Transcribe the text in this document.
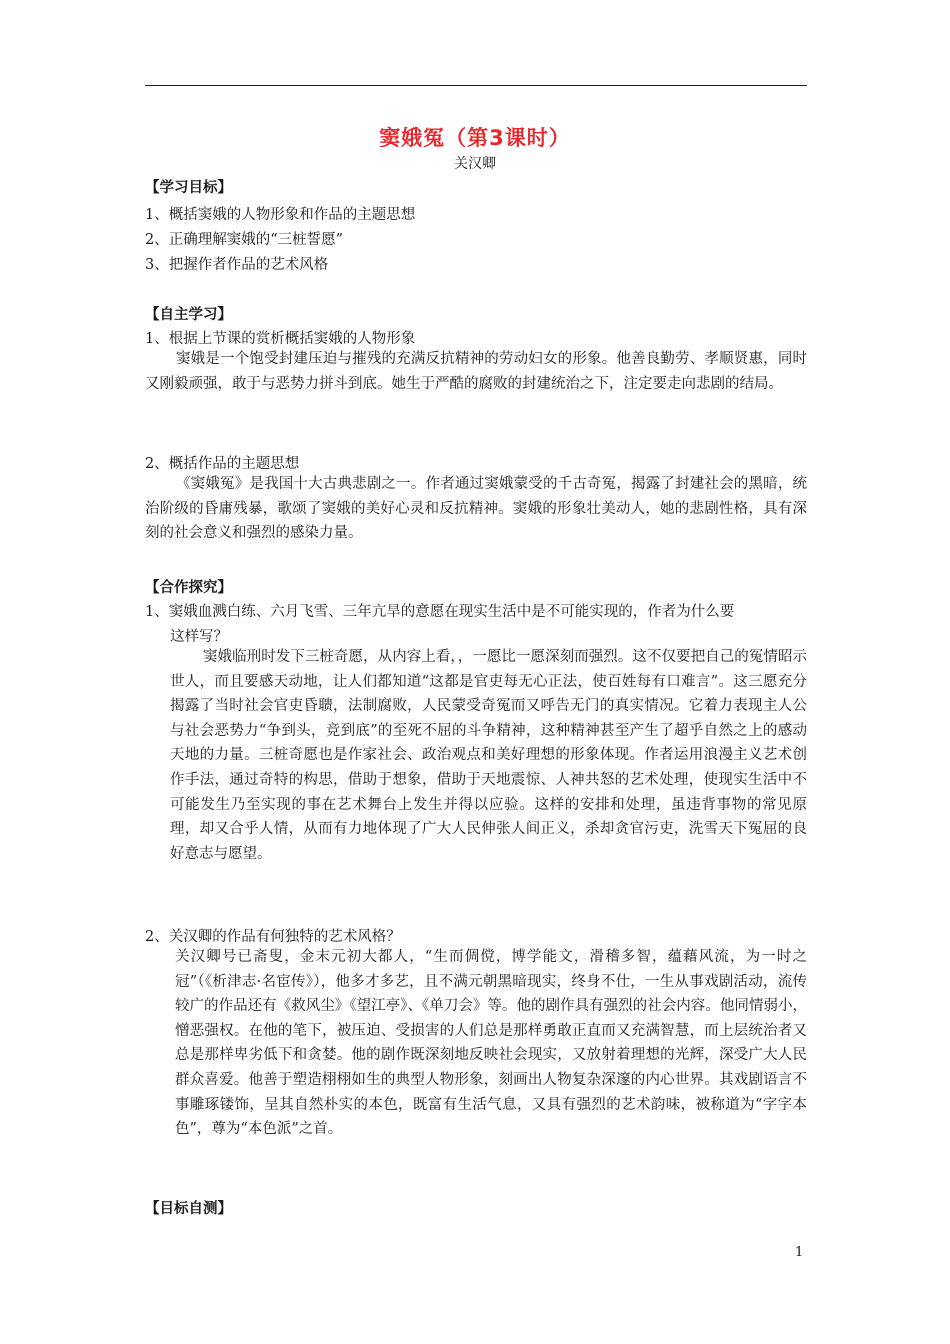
窦娥冤（第3课时）
关汉卿
【学习目标】
1、概括窦娥的人物形象和作品的主题思想
2、正确理解窦娥的“三桩誓愿”
3、把握作者作品的艺术风格
【自主学习】
1、根据上节课的赏析概括窦娥的人物形象
窦娥是一个饱受封建压迫与摧残的充满反抗精神的劳动妇女的形象。他善良勤劳、孝顺贤惠，同时又刚毅顽强，敢于与恶势力拼斗到底。她生于严酷的腐败的封建统治之下，注定要走向悲剧的结局。
2、概括作品的主题思想
《窦娥冤》是我国十大古典悲剧之一。作者通过窦娥蒙受的千古奇冤，揭露了封建社会的黑暗，统治阶级的昏庸残暴，歌颂了窦娥的美好心灵和反抗精神。窦娥的形象壮美动人，她的悲剧性格，具有深刻的社会意义和强烈的感染力量。
【合作探究】
1、窦娥血溅白练、六月飞雪、三年亢旱的意愿在现实生活中是不可能实现的，作者为什么要
这样写？
窦娥临刑时发下三桩奇愿，从内容上看，，一愿比一愿深刻而强烈。这不仅要把自己的冤情昭示世人，而且要感天动地，让人们都知道“这都是官吏每无心正法，使百姓每有口难言”。这三愿充分揭露了当时社会官吏昏聩，法制腐败，人民蒙受奇冤而又呼告无门的真实情况。它着力表现主人公与社会恶势力“争到头，竞到底”的至死不屈的斗争精神，这种精神甚至产生了超乎自然之上的感动天地的力量。三桩奇愿也是作家社会、政治观点和美好理想的形象体现。作者运用浪漫主义艺术创作手法，通过奇特的构思，借助于想象，借助于天地震惊、人神共怒的艺术处理，使现实生活中不可能发生乃至实现的事在艺术舞台上发生并得以应验。这样的安排和处理，虽违背事物的常见原理，却又合乎人情，从而有力地体现了广大人民伸张人间正义，杀却贪官污吏，洗雪天下冤屈的良好意志与愿望。
2、关汉卿的作品有何独特的艺术风格？
关汉卿号已斋叟，金末元初大都人，“生而倜傥，博学能文，滑稽多智，蕴藉风流，为一时之冠”（《析津志·名宦传》），他多才多艺，且不满元朝黑暗现实，终身不仕，一生从事戏剧活动，流传较广的作品还有《救风尘》《望江亭》、《单刀会》等。他的剧作具有强烈的社会内容。他同情弱小，憎恶强权。在他的笔下，被压迫、受损害的人们总是那样勇敢正直而又充满智慧，而上层统治者又总是那样卑劣低下和贪婪。他的剧作既深刻地反映社会现实，又放射着理想的光辉，深受广大人民群众喜爱。他善于塑造栩栩如生的典型人物形象，刻画出人物复杂深邃的内心世界。其戏剧语言不事雕琢镂饰，呈其自然朴实的本色，既富有生活气息，又具有强烈的艺术韵味，被称道为“字字本色”，尊为“本色派”之首。
【目标自测】
1
